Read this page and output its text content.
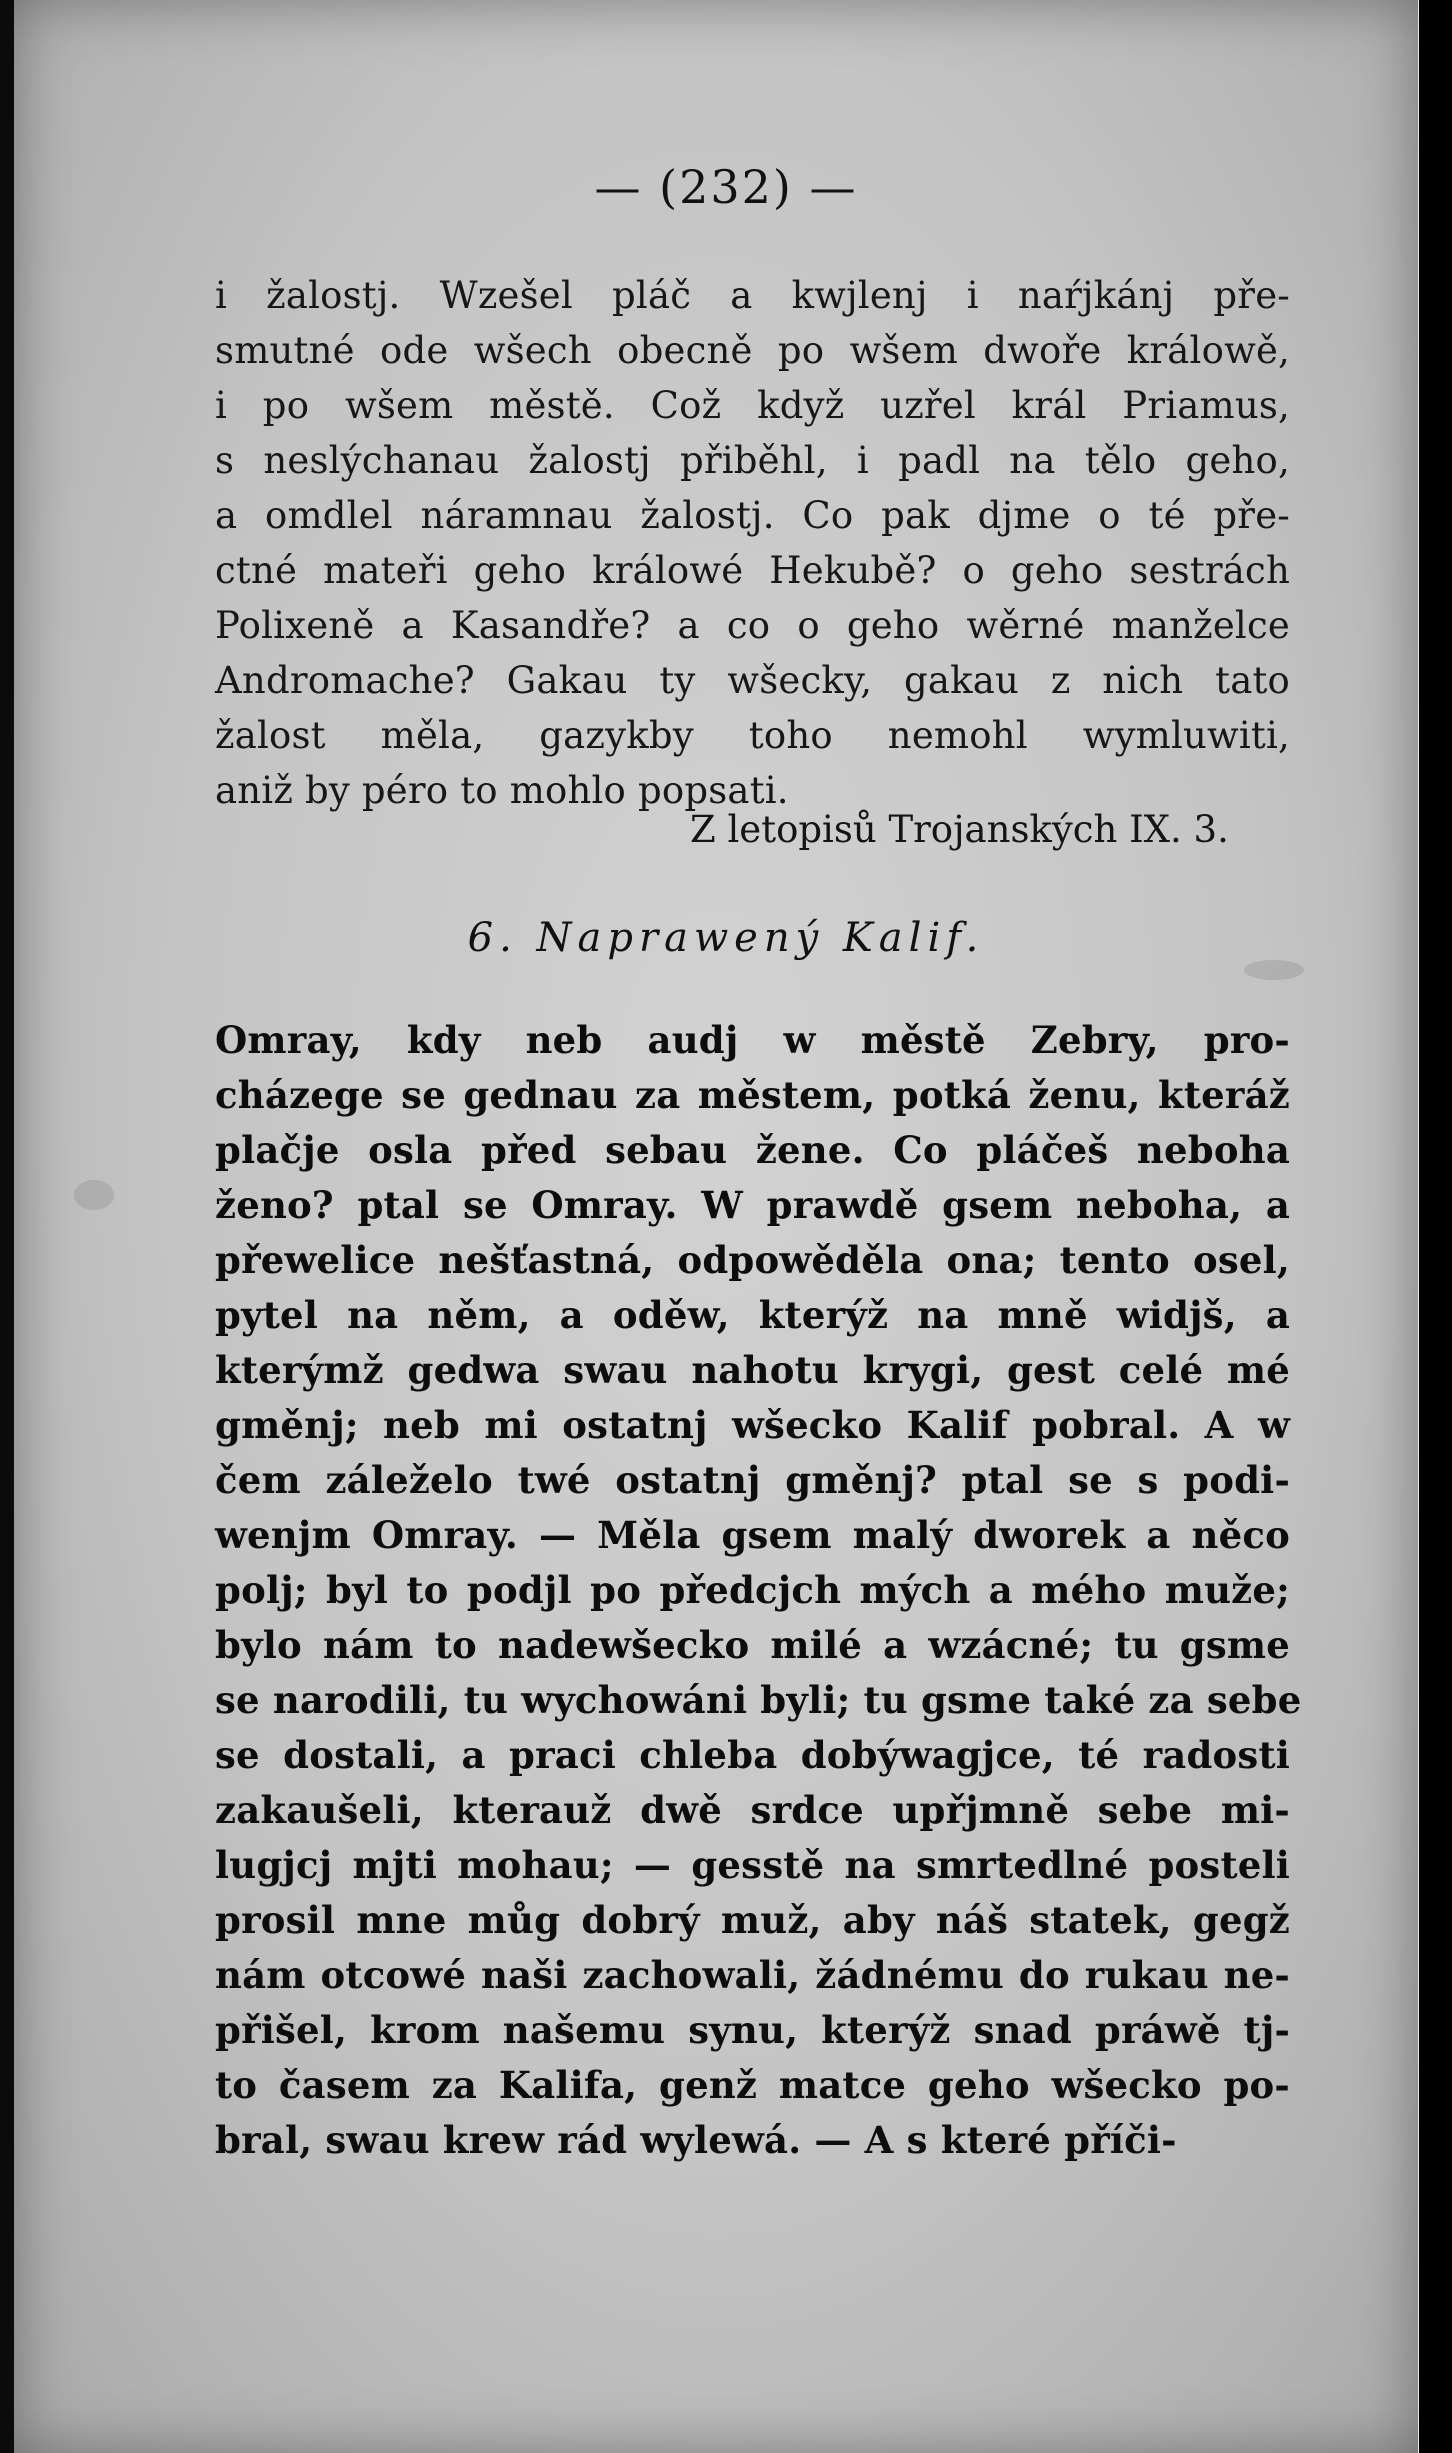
— (232) —
i žalostj. Wzešel pláč a kwjlenj i naŕjkánj pře-
smutné ode wšech obecně po wšem dwoře králowě,
i po wšem městě. Což když uzřel král Priamus,
s neslýchanau žalostj přiběhl, i padl na tělo geho,
a omdlel náramnau žalostj. Co pak djme o té pře-
ctné mateři geho králowé Hekubě? o geho sestrách
Polixeně a Kasandře? a co o geho wěrné manželce
Andromache? Gakau ty wšecky, gakau z nich tato
žalost měla, gazykby toho nemohl wymluwiti,
aniž by péro to mohlo popsati.
Z letopisů Trojanských IX. 3.
6. Naprawený Kalif.
Omray, kdy neb audj w městě Zebry, pro-
cházege se gednau za městem, potká ženu, kteráž
plačje osla před sebau žene. Co pláčeš neboha
ženo? ptal se Omray. W prawdě gsem neboha, a
přewelice nešťastná, odpowěděla ona; tento osel,
pytel na něm, a oděw, kterýž na mně widjš, a
kterýmž gedwa swau nahotu krygi, gest celé mé
gměnj; neb mi ostatnj wšecko Kalif pobral. A w
čem záleželo twé ostatnj gměnj? ptal se s podi-
wenjm Omray. — Měla gsem malý dworek a něco
polj; byl to podjl po předcjch mých a mého muže;
bylo nám to nadewšecko milé a wzácné; tu gsme
se narodili, tu wychowáni byli; tu gsme také za sebe
se dostali, a praci chleba dobýwagjce, té radosti
zakaušeli, kterauž dwě srdce upřjmně sebe mi-
lugjcj mjti mohau; — gesstě na smrtedlné posteli
prosil mne můg dobrý muž, aby náš statek, gegž
nám otcowé naši zachowali, žádnému do rukau ne-
přišel, krom našemu synu, kterýž snad práwě tj-
to časem za Kalifa, genž matce geho wšecko po-
bral, swau krew rád wylewá. — A s které příči-
